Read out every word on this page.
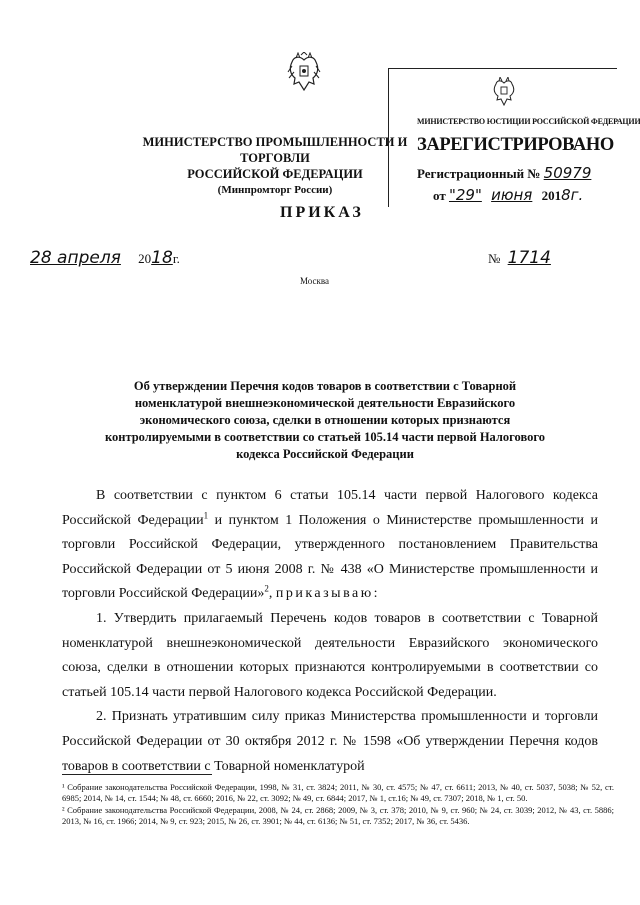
МИНИСТЕРСТВО ПРОМЫШЛЕННОСТИ И ТОРГОВЛИ
РОССИЙСКОЙ ФЕДЕРАЦИИ
(Минпромторг России)
МИНИСТЕРСТВО ЮСТИЦИИ РОССИЙСКОЙ ФЕДЕРАЦИИ
ЗАРЕГИСТРИРОВАНО
Регистрационный № 50979
от "29" июня 2018г.
ПРИКАЗ
28 апреля 2018г.	№ 1714
Москва
Об утверждении Перечня кодов товаров в соответствии с Товарной номенклатурой внешнеэкономической деятельности Евразийского экономического союза, сделки в отношении которых признаются контролируемыми в соответствии со статьей 105.14 части первой Налогового кодекса Российской Федерации

В соответствии с пунктом 6 статьи 105.14 части первой Налогового кодекса Российской Федерации$^1$ и пунктом 1 Положения о Министерстве промышленности и торговли Российской Федерации, утвержденного постановлением Правительства Российской Федерации от 5 июня 2008 г. № 438 «О Министерстве промышленности и торговли Российской Федерации»$^2$, приказываю:

1. Утвердить прилагаемый Перечень кодов товаров в соответствии с Товарной номенклатурой внешнеэкономической деятельности Евразийского экономического союза, сделки в отношении которых признаются контролируемыми в соответствии со статьей 105.14 части первой Налогового кодекса Российской Федерации.

2. Признать утратившим силу приказ Министерства промышленности и торговли Российской Федерации от 30 октября 2012 г. № 1598 «Об утверждении Перечня кодов товаров в соответствии с Товарной номенклатурой

¹ Собрание законодательства Российской Федерации, 1998, № 31, ст. 3824; 2011, № 30, ст. 4575; № 47, ст. 6611; 2013, № 40, ст. 5037, 5038; № 52, ст. 6985; 2014, № 14, ст. 1544; № 48, ст. 6660; 2016, № 22, ст. 3092; № 49, ст. 6844; 2017, № 1, ст.16; № 49, ст. 7307; 2018, № 1, ст. 50.

² Собрание законодательства Российской Федерации, 2008, № 24, ст. 2868; 2009, № 3, ст. 378; 2010, № 9, ст. 960; № 24, ст. 3039; 2012, № 43, ст. 5886; 2013, № 16, ст. 1966; 2014, № 9, ст. 923; 2015, № 26, ст. 3901; № 44, ст. 6136; № 51, ст. 7352; 2017, № 36, ст. 5436.
